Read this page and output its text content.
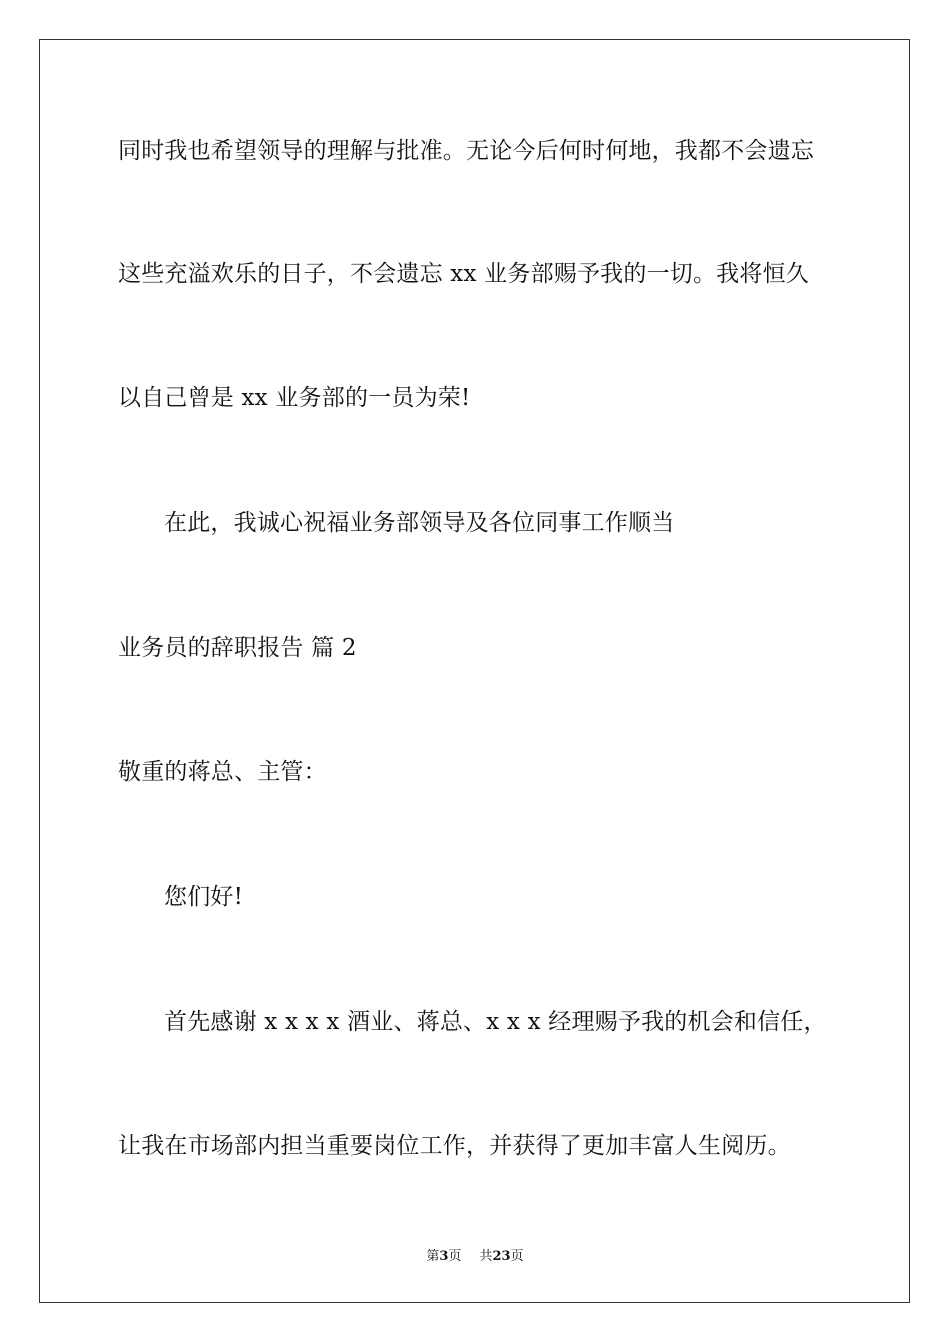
同时我也希望领导的理解与批准。无论今后何时何地，我都不会遗忘
这些充溢欢乐的日子，不会遗忘 xx 业务部赐予我的一切。我将恒久
以自己曾是 xx 业务部的一员为荣!
在此，我诚心祝福业务部领导及各位同事工作顺当
业务员的辞职报告 篇 2
敬重的蒋总、主管：
您们好!
首先感谢 x x x x 酒业、蒋总、x x x 经理赐予我的机会和信任，
让我在市场部内担当重要岗位工作，并获得了更加丰富人生阅历。
第3页 共23页
